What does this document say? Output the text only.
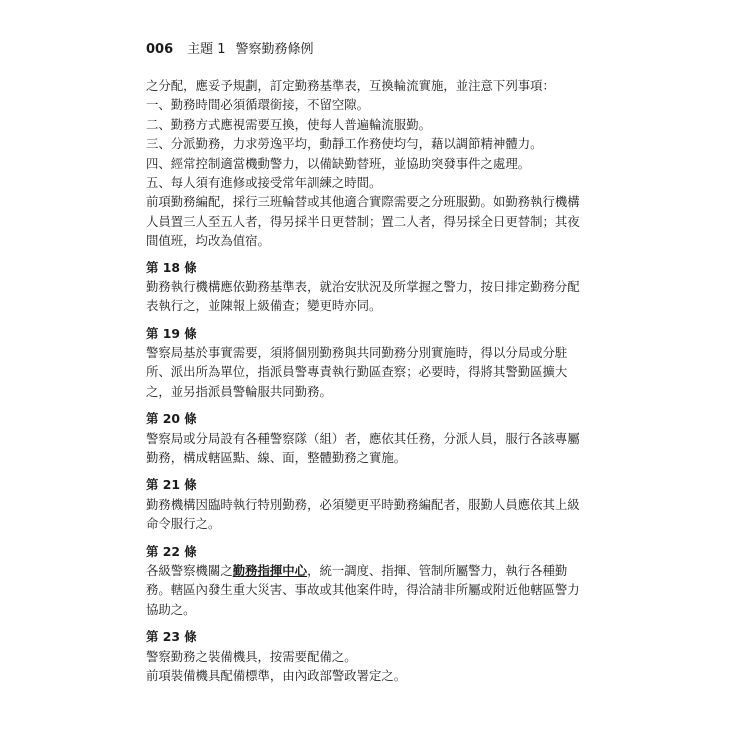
006 主題 1 警察勤務條例
之分配，應妥予規劃，訂定勤務基準表，互換輪流實施，並注意下列事項：
一、勤務時間必須循環銜接，不留空隙。
二、勤務方式應視需要互換，使每人普遍輪流服勤。
三、分派勤務，力求勞逸平均，動靜工作務使均勻，藉以調節精神體力。
四、經常控制適當機動警力，以備缺勤替班，並協助突發事件之處理。
五、每人須有進修或接受常年訓練之時間。
前項勤務編配，採行三班輪替或其他適合實際需要之分班服勤。如勤務執行機構
人員置三人至五人者，得另採半日更替制；置二人者，得另採全日更替制；其夜
間值班，均改為值宿。
第 18 條
勤務執行機構應依勤務基準表，就治安狀況及所掌握之警力，按日排定勤務分配
表執行之，並陳報上級備查；變更時亦同。
第 19 條
警察局基於事實需要，須將個別勤務與共同勤務分別實施時，得以分局或分駐
所、派出所為單位，指派員警專責執行勤區查察；必要時，得將其警勤區擴大
之，並另指派員警輪服共同勤務。
第 20 條
警察局或分局設有各種警察隊（組）者，應依其任務，分派人員，服行各該專屬
勤務，構成轄區點、線、面，整體勤務之實施。
第 21 條
勤務機構因臨時執行特別勤務，必須變更平時勤務編配者，服勤人員應依其上級
命令服行之。
第 22 條
各級警察機關之勤務指揮中心，統一調度、指揮、管制所屬警力，執行各種勤
務。轄區內發生重大災害、事故或其他案件時，得洽請非所屬或附近他轄區警力
協助之。
第 23 條
警察勤務之裝備機具，按需要配備之。
前項裝備機具配備標準，由內政部警政署定之。
